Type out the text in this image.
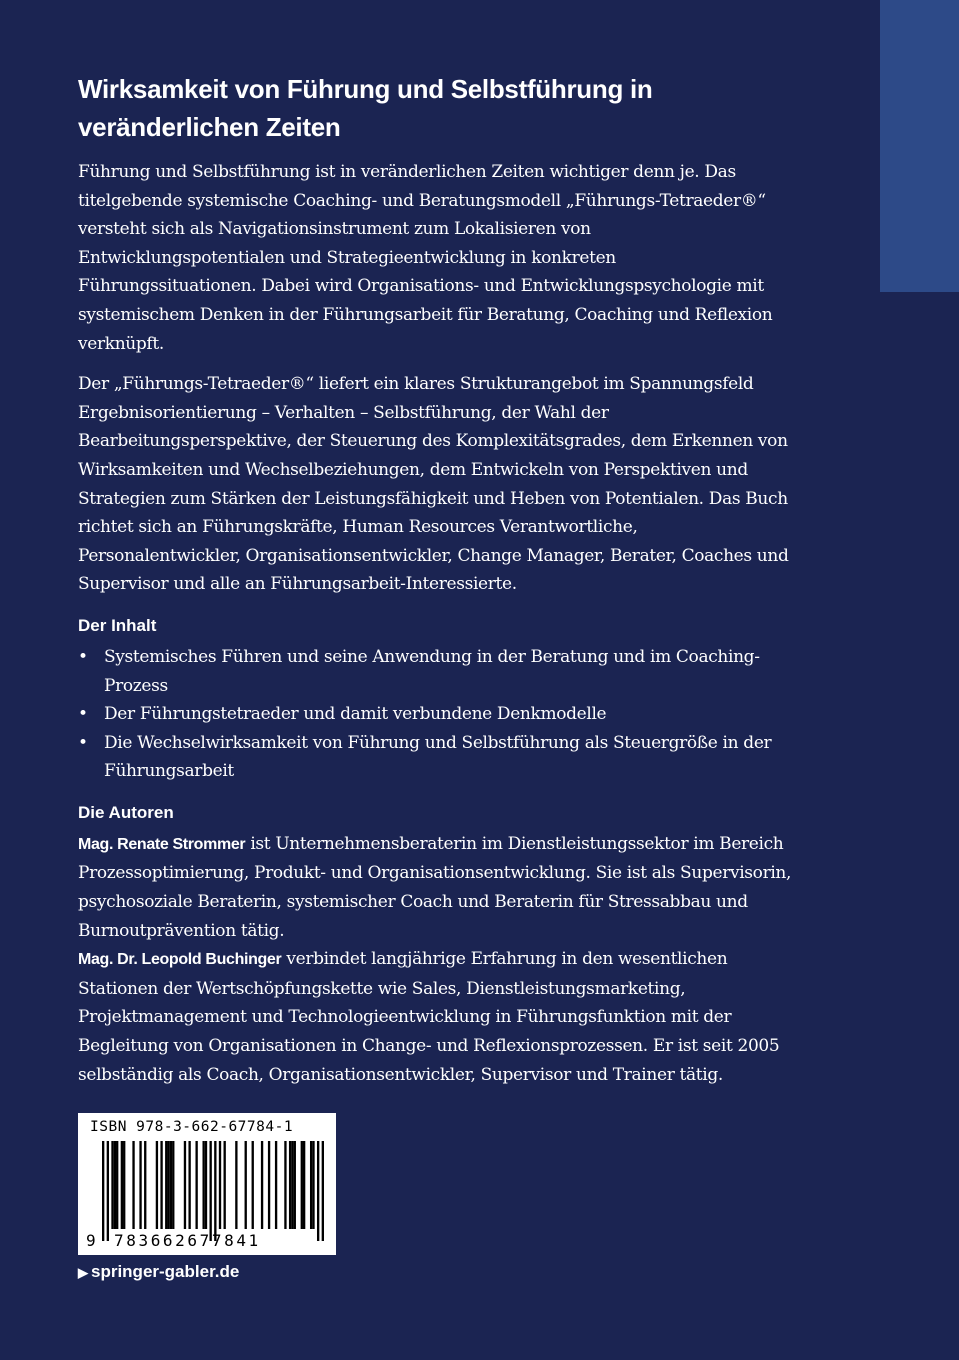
Wirksamkeit von Führung und Selbstführung in veränderlichen Zeiten

Führung und Selbstführung ist in veränderlichen Zeiten wichtiger denn je. Das titelgebende systemische Coaching- und Beratungsmodell „Führungs-Tetraeder®“ versteht sich als Navigationsinstrument zum Lokalisieren von Entwicklungspotentialen und Strategieentwicklung in konkreten Führungssituationen. Dabei wird Organisations- und Entwicklungspsychologie mit systemischem Denken in der Führungsarbeit für Beratung, Coaching und Reflexion verknüpft.

Der „Führungs-Tetraeder®“ liefert ein klares Strukturangebot im Spannungsfeld Ergebnisorientierung – Verhalten – Selbstführung, der Wahl der Bearbeitungsperspektive, der Steuerung des Komplexitätsgrades, dem Erkennen von Wirksamkeiten und Wechselbeziehungen, dem Entwickeln von Perspektiven und Strategien zum Stärken der Leistungsfähigkeit und Heben von Potentialen. Das Buch richtet sich an Führungskräfte, Human Resources Verantwortliche, Personalentwickler, Organisationsentwickler, Change Manager, Berater, Coaches und Supervisor und alle an Führungsarbeit-Interessierte.

Der Inhalt
• Systemisches Führen und seine Anwendung in der Beratung und im Coaching-Prozess
• Der Führungstetraeder und damit verbundene Denkmodelle
• Die Wechselwirksamkeit von Führung und Selbstführung als Steuergröße in der Führungsarbeit
Die Autoren

Mag. Renate Strommer ist Unternehmensberaterin im Dienstleistungssektor im Bereich Prozessoptimierung, Produkt- und Organisationsentwicklung. Sie ist als Supervisorin, psychosoziale Beraterin, systemischer Coach und Beraterin für Stressabbau und Burnoutprävention tätig.

Mag. Dr. Leopold Buchinger verbindet langjährige Erfahrung in den wesentlichen Stationen der Wertschöpfungskette wie Sales, Dienstleistungsmarketing, Projektmanagement und Technologieentwicklung in Führungsfunktion mit der Begleitung von Organisationen in Change- und Reflexionsprozessen. Er ist seit 2005 selbständig als Coach, Organisationsentwickler, Supervisor und Trainer tätig.

ISBN 978-3-662-67784-1
9 783662677841
▶ springer-gabler.de
